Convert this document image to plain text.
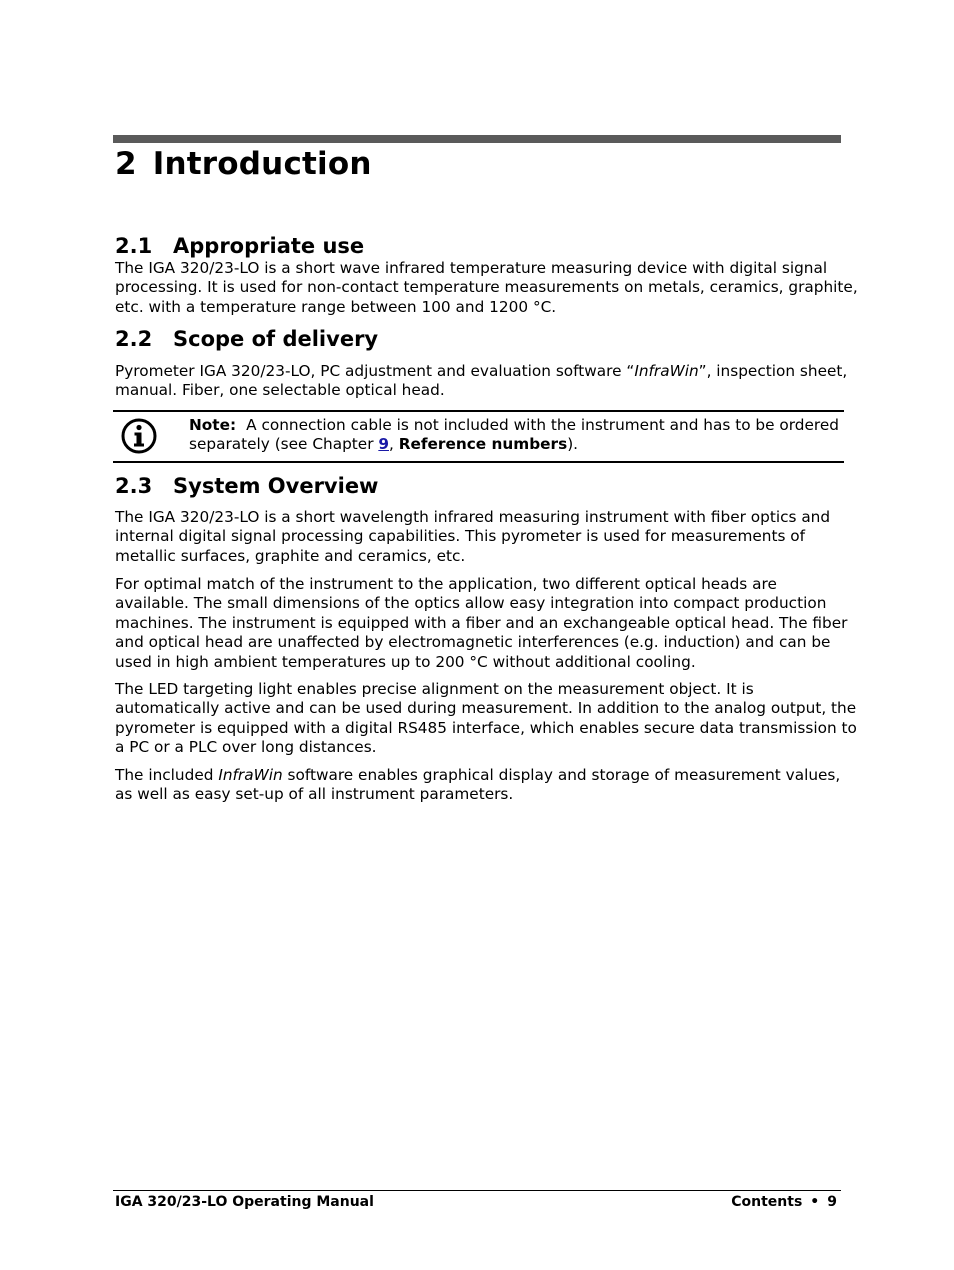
2 Introduction
2.1 Appropriate use

The IGA 320/23-LO is a short wave infrared temperature measuring device with digital signal
processing. It is used for non-contact temperature measurements on metals, ceramics, graphite,
etc. with a temperature range between 100 and 1200 °C.

2.2 Scope of delivery

Pyrometer IGA 320/23-LO, PC adjustment and evaluation software “InfraWin”, inspection sheet,
manual. Fiber, one selectable optical head.

Note: A connection cable is not included with the instrument and has to be ordered
separately (see Chapter 9, Reference numbers).
2.3 System Overview

The IGA 320/23-LO is a short wavelength infrared measuring instrument with fiber optics and
internal digital signal processing capabilities. This pyrometer is used for measurements of
metallic surfaces, graphite and ceramics, etc.

For optimal match of the instrument to the application, two different optical heads are
available. The small dimensions of the optics allow easy integration into compact production
machines. The instrument is equipped with a fiber and an exchangeable optical head. The fiber
and optical head are unaffected by electromagnetic interferences (e.g. induction) and can be
used in high ambient temperatures up to 200 °C without additional cooling.

The LED targeting light enables precise alignment on the measurement object. It is
automatically active and can be used during measurement. In addition to the analog output, the
pyrometer is equipped with a digital RS485 interface, which enables secure data transmission to
a PC or a PLC over long distances.

The included InfraWin software enables graphical display and storage of measurement values,
as well as easy set-up of all instrument parameters.

IGA 320/23-LO Operating Manual	Contents • 9
